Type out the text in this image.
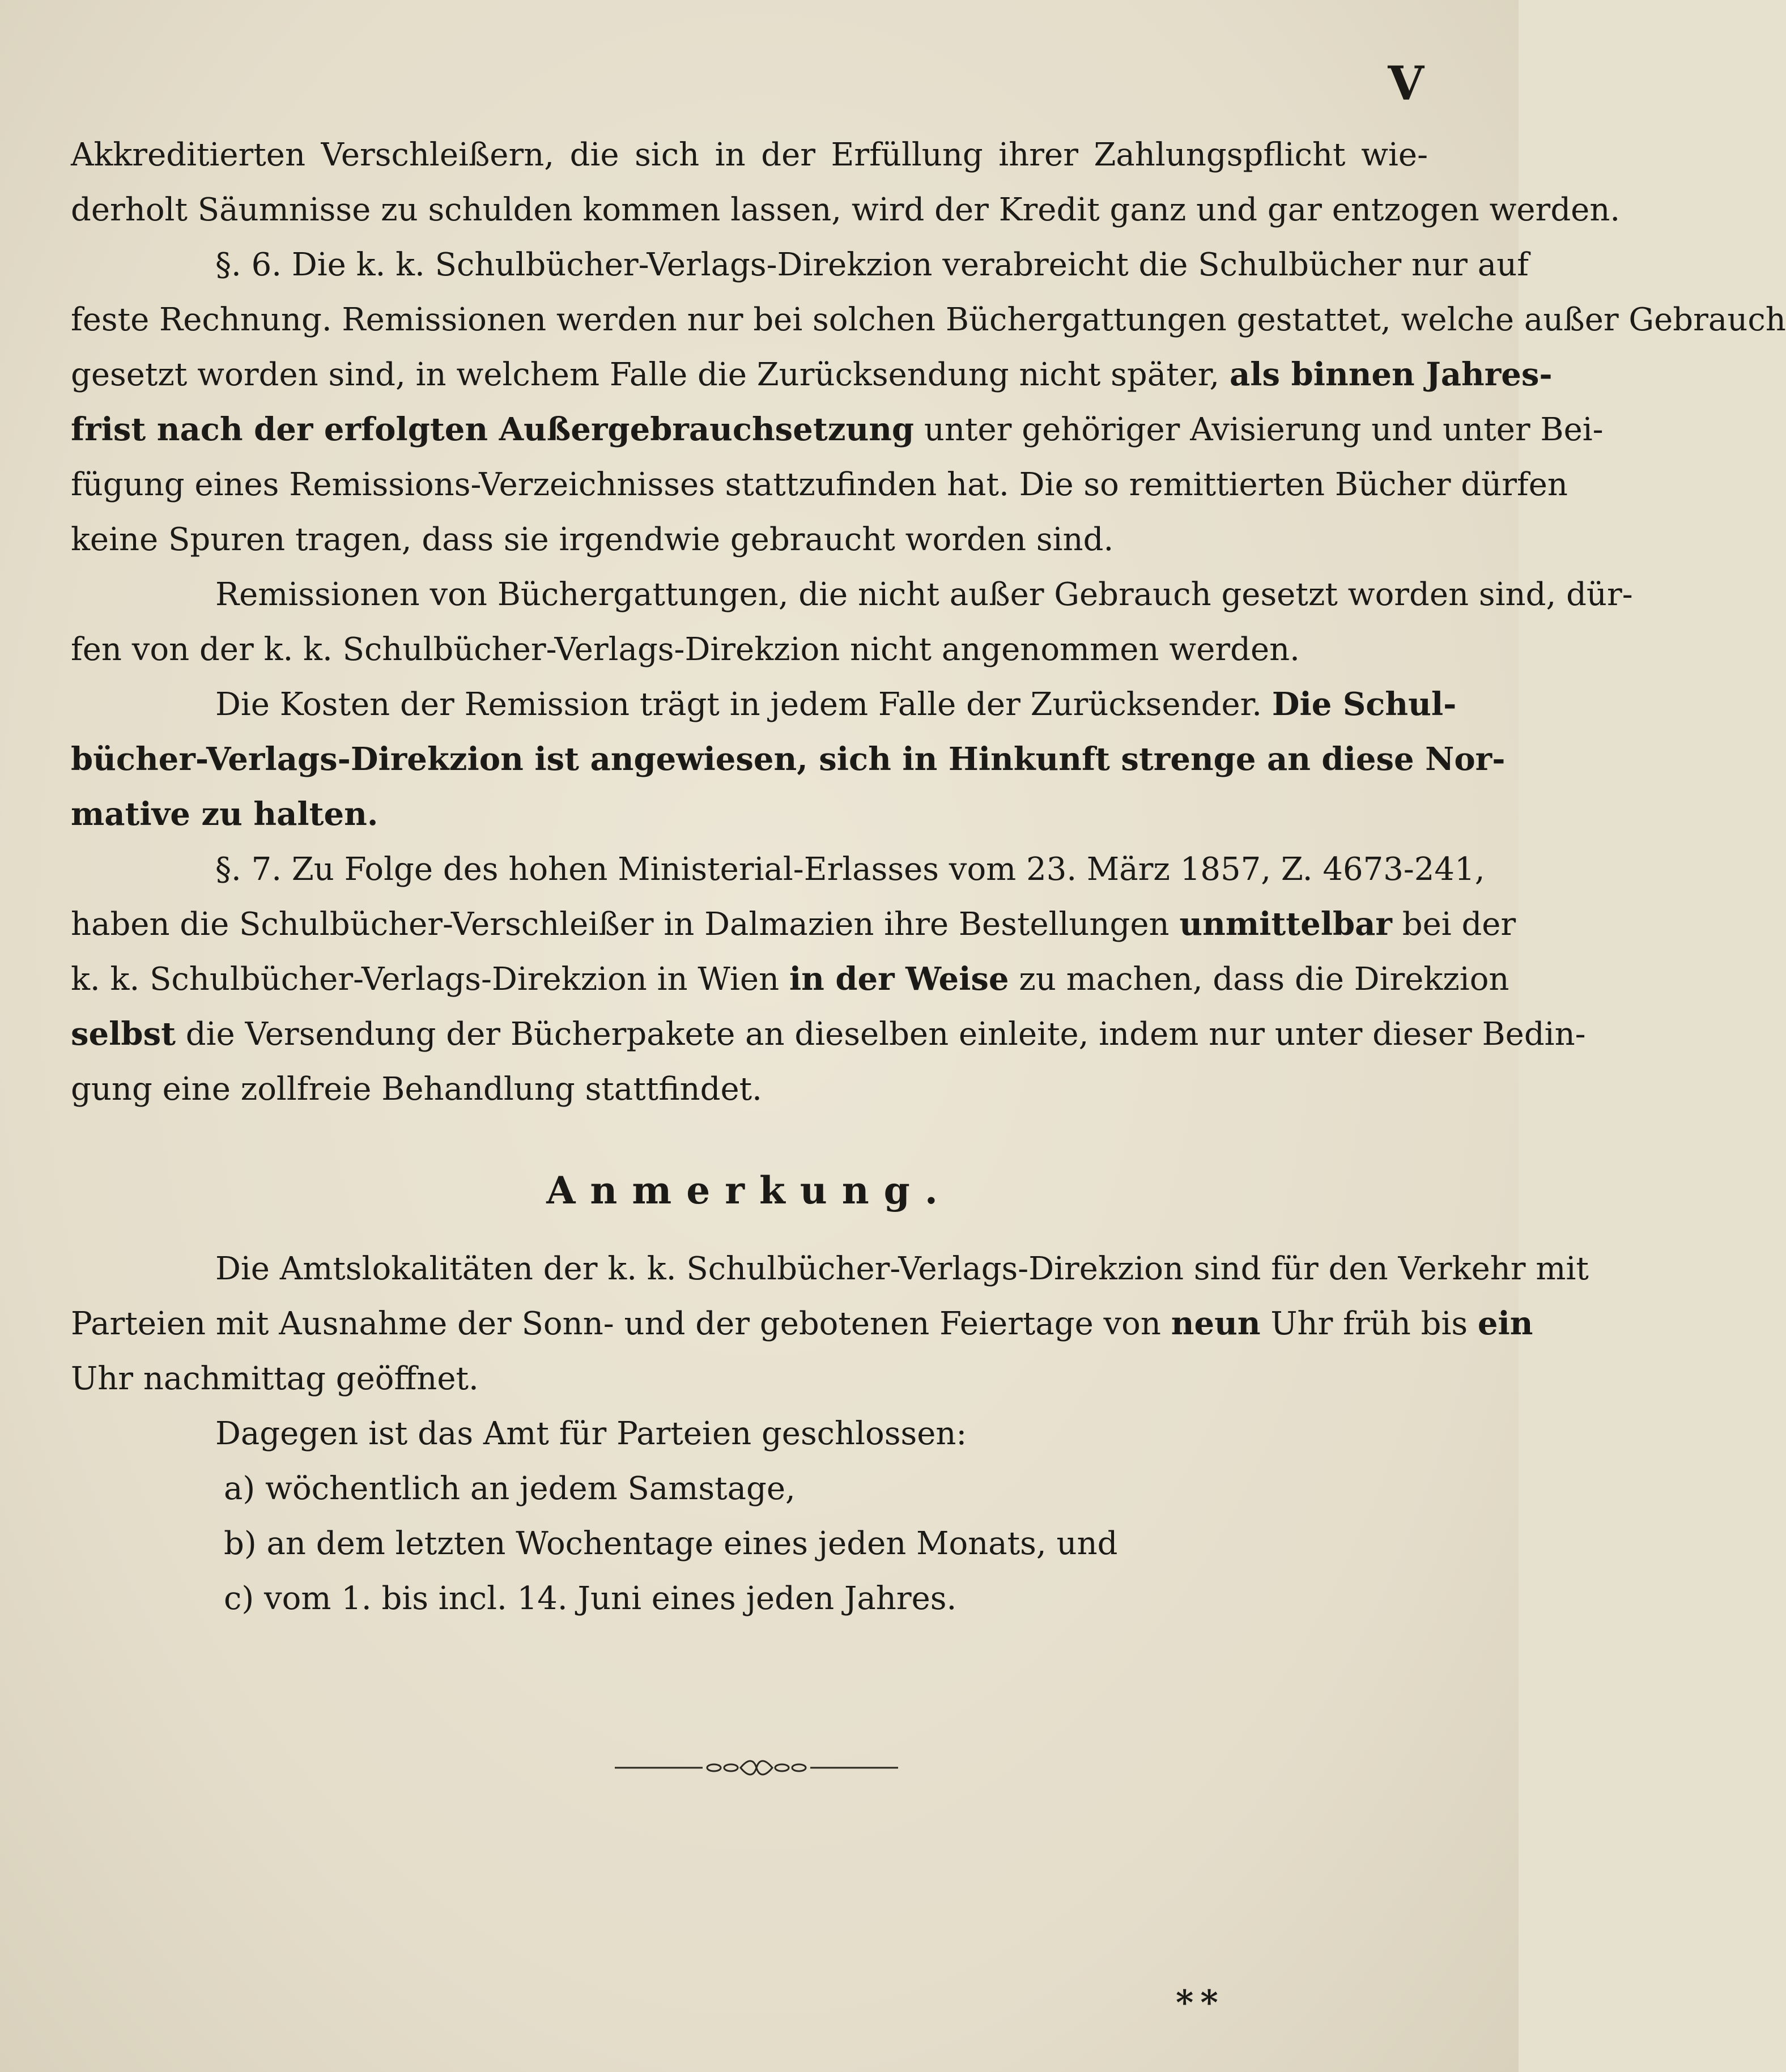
V
Akkreditierten Verschleißern, die sich in der Erfüllung ihrer Zahlungspflicht wie-
derholt Säumnisse zu schulden kommen lassen, wird der Kredit ganz und gar entzogen werden.
§. 6. Die k. k. Schulbücher-Verlags-Direkzion verabreicht die Schulbücher nur auf
feste Rechnung. Remissionen werden nur bei solchen Büchergattungen gestattet, welche außer Gebrauch
gesetzt worden sind, in welchem Falle die Zurücksendung nicht später, als binnen Jahres-
frist nach der erfolgten Außergebrauchsetzung unter gehöriger Avisierung und unter Bei-
fügung eines Remissions-Verzeichnisses stattzufinden hat. Die so remittierten Bücher dürfen
keine Spuren tragen, dass sie irgendwie gebraucht worden sind.
Remissionen von Büchergattungen, die nicht außer Gebrauch gesetzt worden sind, dür-
fen von der k. k. Schulbücher-Verlags-Direkzion nicht angenommen werden.
Die Kosten der Remission trägt in jedem Falle der Zurücksender. Die Schul-
bücher-Verlags-Direkzion ist angewiesen, sich in Hinkunft strenge an diese Nor-
mative zu halten.
§. 7. Zu Folge des hohen Ministerial-Erlasses vom 23. März 1857, Z. 4673-241,
haben die Schulbücher-Verschleißer in Dalmazien ihre Bestellungen unmittelbar bei der
k. k. Schulbücher-Verlags-Direkzion in Wien in der Weise zu machen, dass die Direkzion
selbst die Versendung der Bücherpakete an dieselben einleite, indem nur unter dieser Bedin-
gung eine zollfreie Behandlung stattfindet.
Anmerkung.
Die Amtslokalitäten der k. k. Schulbücher-Verlags-Direkzion sind für den Verkehr mit
Parteien mit Ausnahme der Sonn- und der gebotenen Feiertage von neun Uhr früh bis ein
Uhr nachmittag geöffnet.
Dagegen ist das Amt für Parteien geschlossen:
a) wöchentlich an jedem Samstage,
b) an dem letzten Wochentage eines jeden Monats, und
c) vom 1. bis incl. 14. Juni eines jeden Jahres.
**
